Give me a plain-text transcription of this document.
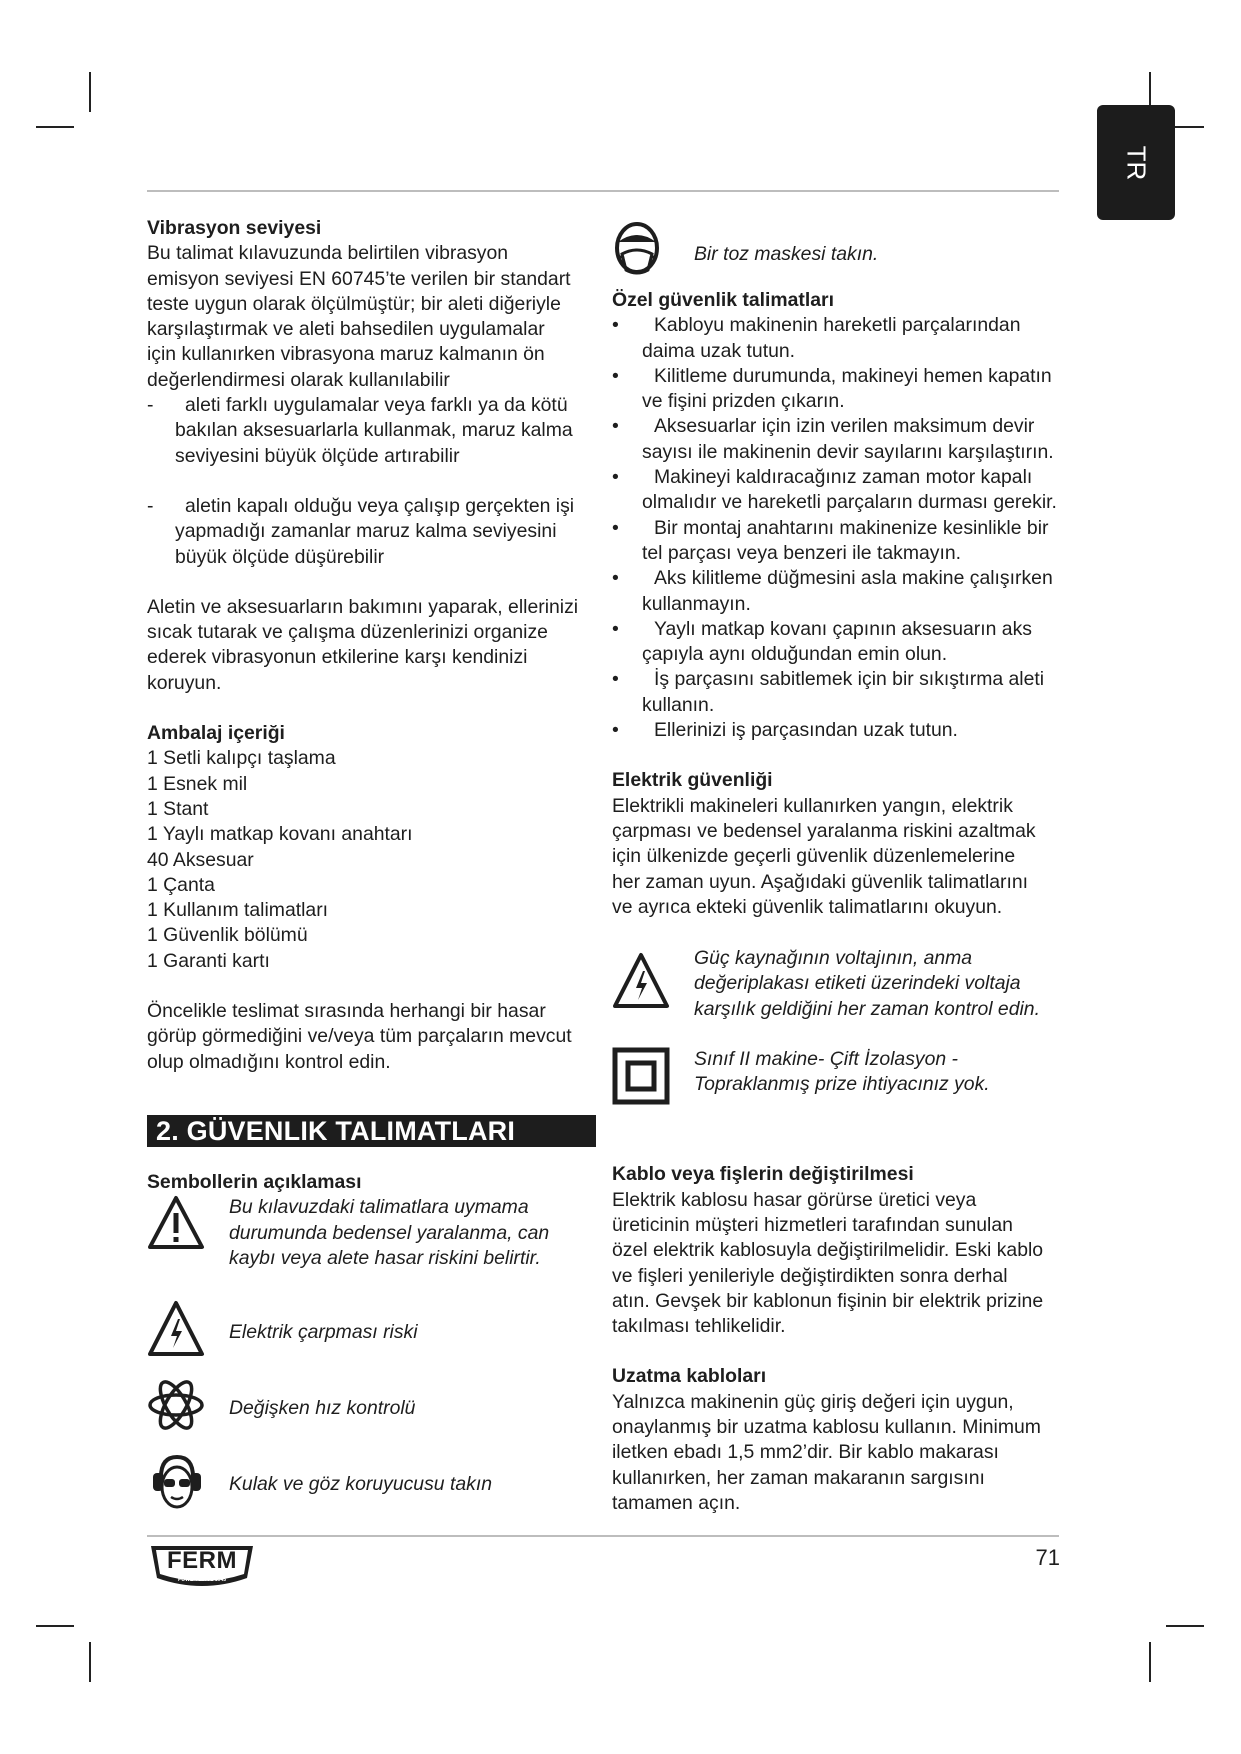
TR

Vibrasyon seviyesi

Bu talimat kılavuzunda belirtilen vibrasyon

emisyon seviyesi EN 60745’te verilen bir standart

teste uygun olarak ölçülmüştür; bir aleti diğeriyle

karşılaştırmak ve aleti bahsedilen uygulamalar

için kullanırken vibrasyona maruz kalmanın ön

değerlendirmesi olarak kullanılabilir

-	aleti farklı uygulamalar veya farklı ya da kötü

bakılan aksesuarlarla kullanmak, maruz kalma

seviyesini büyük ölçüde artırabilir

-	aletin kapalı olduğu veya çalışıp gerçekten işi

yapmadığı zamanlar maruz kalma seviyesini

büyük ölçüde düşürebilir

Aletin ve aksesuarların bakımını yaparak, ellerinizi

sıcak tutarak ve çalışma düzenlerinizi organize

ederek vibrasyonun etkilerine karşı kendinizi

koruyun.

Ambalaj içeriği

1 Setli kalıpçı taşlama

1 Esnek mil

1 Stant

1 Yaylı matkap kovanı anahtarı

40 Aksesuar

1 Çanta

1 Kullanım talimatları

1 Güvenlik bölümü

1 Garanti kartı

Öncelikle teslimat sırasında herhangi bir hasar

görüp görmediğini ve/veya tüm parçaların mevcut

olup olmadığını kontrol edin.

2. GÜVENLIK TALIMATLARI

Sembollerin açıklaması

Bu kılavuzdaki talimatlara uymama

durumunda bedensel yaralanma, can

kaybı veya alete hasar riskini belirtir.

Elektrik çarpması riski

Değişken hız kontrolü

Kulak ve göz koruyucusu takın

Bir toz maskesi takın.

Özel güvenlik talimatları

•	Kabloyu makinenin hareketli parçalarından

daima uzak tutun.

•	Kilitleme durumunda, makineyi hemen kapatın

ve fişini prizden çıkarın.

•	Aksesuarlar için izin verilen maksimum devir

sayısı ile makinenin devir sayılarını karşılaştırın.

•	Makineyi kaldıracağınız zaman motor kapalı

olmalıdır ve hareketli parçaların durması gerekir.

•	Bir montaj anahtarını makinenize kesinlikle bir

tel parçası veya benzeri ile takmayın.

•	Aks kilitleme düğmesini asla makine çalışırken

kullanmayın.

•	Yaylı matkap kovanı çapının aksesuarın aks

çapıyla aynı olduğundan emin olun.

•	İş parçasını sabitlemek için bir sıkıştırma aleti

kullanın.

•	Ellerinizi iş parçasından uzak tutun.

Elektrik güvenliği

Elektrikli makineleri kullanırken yangın, elektrik

çarpması ve bedensel yaralanma riskini azaltmak

için ülkenizde geçerli güvenlik düzenlemelerine

her zaman uyun. Aşağıdaki güvenlik talimatlarını

ve ayrıca ekteki güvenlik talimatlarını okuyun.

Güç kaynağının voltajının, anma

değeriplakası etiketi üzerindeki voltaja

karşılık geldiğini her zaman kontrol edin.

Sınıf II makine- Çift İzolasyon -

Topraklanmış prize ihtiyacınız yok.

Kablo veya fişlerin değiştirilmesi

Elektrik kablosu hasar görürse üretici veya

üreticinin müşteri hizmetleri tarafından sunulan

özel elektrik kablosuyla değiştirilmelidir. Eski kablo

ve fişleri yenileriyle değiştirdikten sonra derhal

atın. Gevşek bir kablonun fişinin bir elektrik prizine

takılması tehlikelidir.

Uzatma kabloları

Yalnızca makinenin güç giriş değeri için uygun,

onaylanmış bir uzatma kablosu kullanın. Minimum

iletken ebadı 1,5 mm2’dir. Bir kablo makarası

kullanırken, her zaman makaranın sargısını

tamamen açın.

FERM
POWER SINCE 1945
71
